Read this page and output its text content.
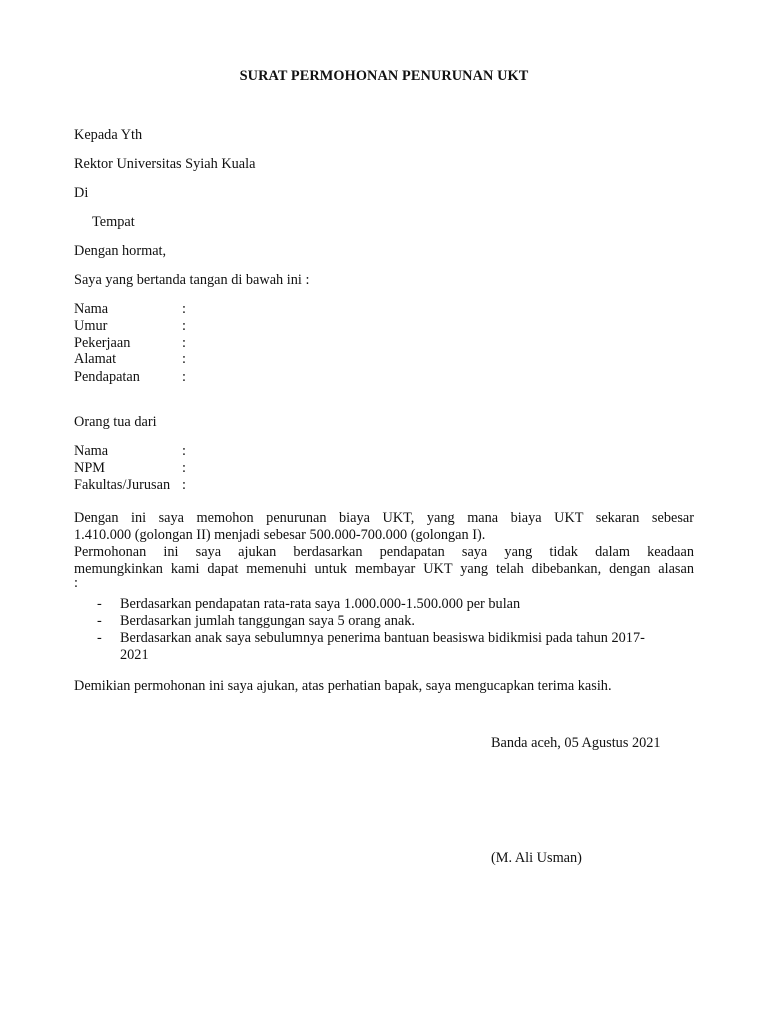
SURAT PERMOHONAN PENURUNAN UKT
Kepada Yth
Rektor Universitas Syiah Kuala
Di
Tempat
Dengan hormat,
Saya yang bertanda tangan di bawah ini :
Nama	:
Umur	:
Pekerjaan	:
Alamat	:
Pendapatan	:
Orang tua dari
Nama	:
NPM	:
Fakultas/Jurusan :
Dengan ini saya memohon penurunan biaya UKT, yang mana biaya UKT sekaran sebesar
1.410.000 (golongan II) menjadi sebesar 500.000-700.000 (golongan I).
Permohonan ini saya ajukan berdasarkan pendapatan saya yang tidak dalam keadaan
memungkinkan kami dapat memenuhi untuk membayar UKT yang telah dibebankan, dengan alasan
:
- Berdasarkan pendapatan rata-rata saya 1.000.000-1.500.000 per bulan
- Berdasarkan jumlah tanggungan saya 5 orang anak.
- Berdasarkan anak saya sebulumnya penerima bantuan beasiswa bidikmisi pada tahun 2017-
2021
Demikian permohonan ini saya ajukan, atas perhatian bapak, saya mengucapkan terima kasih.
Banda aceh, 05 Agustus 2021
(M. Ali Usman)
